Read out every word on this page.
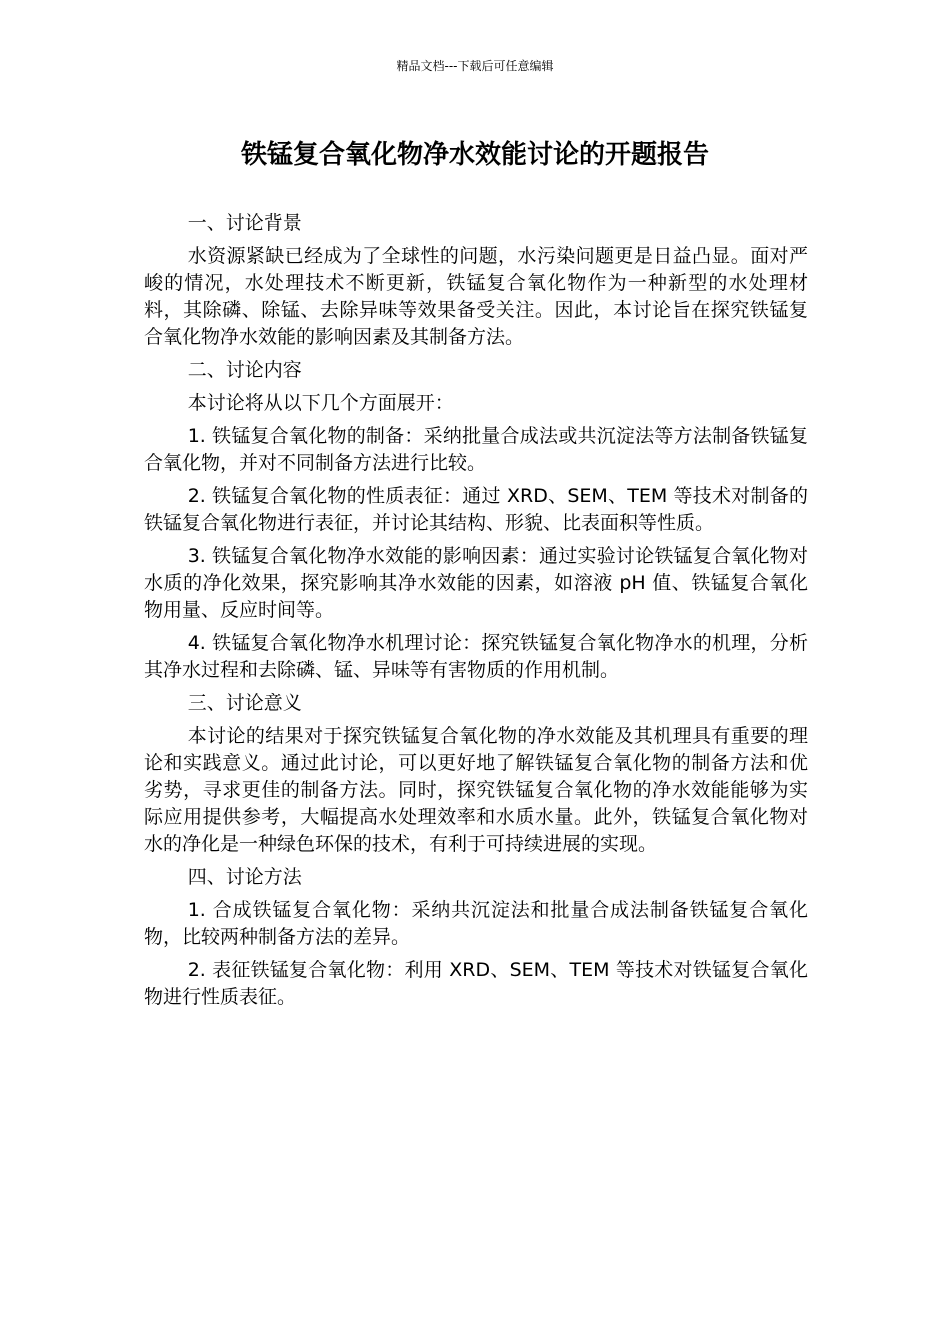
精品文档---下载后可任意编辑
铁锰复合氧化物净水效能讨论的开题报告

一、讨论背景

水资源紧缺已经成为了全球性的问题，水污染问题更是日益凸显。面对严峻的情况，水处理技术不断更新，铁锰复合氧化物作为一种新型的水处理材料，其除磷、除锰、去除异味等效果备受关注。因此，本讨论旨在探究铁锰复合氧化物净水效能的影响因素及其制备方法。

二、讨论内容

本讨论将从以下几个方面展开：

1. 铁锰复合氧化物的制备：采纳批量合成法或共沉淀法等方法制备铁锰复合氧化物，并对不同制备方法进行比较。

2. 铁锰复合氧化物的性质表征：通过 XRD、SEM、TEM 等技术对制备的铁锰复合氧化物进行表征，并讨论其结构、形貌、比表面积等性质。

3. 铁锰复合氧化物净水效能的影响因素：通过实验讨论铁锰复合氧化物对水质的净化效果，探究影响其净水效能的因素，如溶液 pH 值、铁锰复合氧化物用量、反应时间等。

4. 铁锰复合氧化物净水机理讨论：探究铁锰复合氧化物净水的机理，分析其净水过程和去除磷、锰、异味等有害物质的作用机制。

三、讨论意义

本讨论的结果对于探究铁锰复合氧化物的净水效能及其机理具有重要的理论和实践意义。通过此讨论，可以更好地了解铁锰复合氧化物的制备方法和优劣势，寻求更佳的制备方法。同时，探究铁锰复合氧化物的净水效能能够为实际应用提供参考，大幅提高水处理效率和水质水量。此外，铁锰复合氧化物对水的净化是一种绿色环保的技术，有利于可持续进展的实现。

四、讨论方法

1. 合成铁锰复合氧化物：采纳共沉淀法和批量合成法制备铁锰复合氧化物，比较两种制备方法的差异。

2. 表征铁锰复合氧化物：利用 XRD、SEM、TEM 等技术对铁锰复合氧化物进行性质表征。
